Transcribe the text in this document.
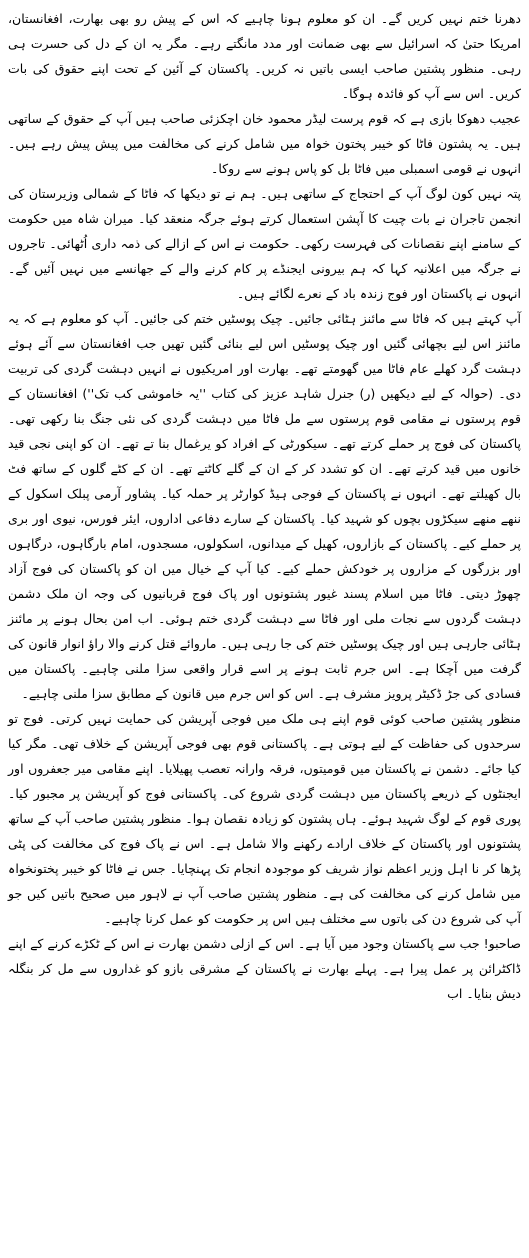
دھرنا ختم نہیں کریں گے۔ ان کو معلوم ہونا چاہیے کہ اس کے پیش رو بھی بھارت، افغانستان، امریکا حتیٰ کہ اسرائیل سے بھی ضمانت اور مدد مانگتے رہے۔ مگر یہ ان کے دل کی حسرت ہی رہی۔ منظور پشتین صاحب ایسی باتیں نہ کریں۔ پاکستان کے آئین کے تحت اپنے حقوق کی بات کریں۔ اس سے آپ کو فائدہ ہوگا۔

عجیب دھوکا بازی ہے کہ قوم پرست لیڈر محمود خان اچکزئی صاحب ہیں آپ کے حقوق کے ساتھی ہیں۔ یہ پشتون فاٹا کو خیبر پختون خواہ میں شامل کرنے کی مخالفت میں پیش پیش رہے ہیں۔ انہوں نے قومی اسمبلی میں فاٹا بل کو پاس ہونے سے روکا۔

پتہ نہیں کون لوگ آپ کے احتجاج کے ساتھی ہیں۔ ہم نے تو دیکھا کہ فاٹا کے شمالی وزیرستان کی انجمن تاجران نے بات چیت کا آپشن استعمال کرتے ہوئے جرگہ منعقد کیا۔ میران شاہ میں حکومت کے سامنے اپنے نقصانات کی فہرست رکھی۔ حکومت نے اس کے ازالے کی ذمہ داری اُٹھائی۔ تاجروں نے جرگہ میں اعلانیہ کہا کہ ہم بیرونی ایجنڈے پر کام کرنے والے کے جھانسے میں نہیں آئیں گے۔ انہوں نے پاکستان اور فوج زندہ باد کے نعرے لگائے ہیں۔

آپ کہتے ہیں کہ فاٹا سے مائنز ہٹائی جائیں۔ چیک پوسٹیں ختم کی جائیں۔ آپ کو معلوم ہے کہ یہ مائنز اس لیے بچھائی گئیں اور چیک پوسٹیں اس لیے بنائی گئیں تھیں جب افغانستان سے آئے ہوئے دہشت گرد کھلے عام فاٹا میں گھومتے تھے۔ بھارت اور امریکیوں نے انہیں دہشت گردی کی تربیت دی۔ (حوالہ کے لیے دیکھیں (ر) جنرل شاہد عزیز کی کتاب ''یہ خاموشی کب تک'') افغانستان کے قوم پرستوں نے مقامی قوم پرستوں سے مل فاٹا میں دہشت گردی کی نئی جنگ بنا رکھی تھی۔ پاکستان کی فوج پر حملے کرتے تھے۔ سیکورٹی کے افراد کو یرغمال بنا تے تھے۔ ان کو اپنی نجی قید خانوں میں قید کرتے تھے۔ ان کو تشدد کر کے ان کے گلے کاٹتے تھے۔ ان کے کٹے گلوں کے ساتھ فٹ بال کھیلتے تھے۔ انہوں نے پاکستان کے فوجی ہیڈ کوارٹر پر حملہ کیا۔ پشاور آرمی پبلک اسکول کے ننھے منھے سیکڑوں بچوں کو شہید کیا۔ پاکستان کے سارے دفاعی اداروں، ایئر فورس، نیوی اور بری پر حملے کیے۔ پاکستان کے بازاروں، کھیل کے میدانوں، اسکولوں، مسجدوں، امام بارگاہوں، درگاہوں اور بزرگوں کے مزاروں پر خودکش حملے کیے۔ کیا آپ کے خیال میں ان کو پاکستان کی فوج آزاد چھوڑ دیتی۔ فاٹا میں اسلام پسند غیور پشتونوں اور پاک فوج قربانیوں کی وجہ ان ملک دشمن دہشت گردوں سے نجات ملی اور فاٹا سے دہشت گردی ختم ہوئی۔ اب امن بحال ہونے پر مائنز ہٹائی جارہی ہیں اور چیک پوسٹیں ختم کی جا رہی ہیں۔ ماروائے قتل کرنے والا راؤ انوار قانون کی گرفت میں آچکا ہے۔ اس جرم ثابت ہونے پر اسے قرار واقعی سزا ملنی چاہیے۔ پاکستان میں فسادی کی جڑ ڈکیٹر پرویز مشرف ہے۔ اس کو اس جرم میں قانون کے مطابق سزا ملنی چاہیے۔

منظور پشتین صاحب کوئی قوم اپنے ہی ملک میں فوجی آپریشن کی حمایت نہیں کرتی۔ فوج تو سرحدوں کی حفاظت کے لیے ہوتی ہے۔ پاکستانی قوم بھی فوجی آپریشن کے خلاف تھی۔ مگر کیا کیا جائے۔ دشمن نے پاکستان میں قومیتوں، فرقہ وارانہ تعصب پھیلایا۔ اپنے مقامی میر جعفروں اور ایجنٹوں کے ذریعے پاکستان میں دہشت گردی شروع کی۔ پاکستانی فوج کو آپریشن پر مجبور کیا۔ پوری قوم کے لوگ شہید ہوئے۔ ہاں پشتون کو زیادہ نقصان ہوا۔ منظور پشتین صاحب آپ کے ساتھ پشتونوں اور پاکستان کے خلاف ارادے رکھنے والا شامل ہے۔ اس نے پاک فوج کی مخالفت کی پٹی پڑھا کر نا اہل وزیر اعظم نواز شریف کو موجودہ انجام تک پہنچایا۔ جس نے فاٹا کو خیبر پختونخواہ میں شامل کرنے کی مخالفت کی ہے۔ منظور پشتین صاحب آپ نے لاہور میں صحیح باتیں کیں جو آپ کی شروع دن کی باتوں سے مختلف ہیں اس پر حکومت کو عمل کرنا چاہیے۔

صاحبو! جب سے پاکستان وجود میں آیا ہے۔ اس کے ازلی دشمن بھارت نے اس کے ٹکڑے کرنے کے اپنے ڈاکٹرائن پر عمل پیرا ہے۔ پہلے بھارت نے پاکستان کے مشرقی بازو کو غداروں سے مل کر بنگلہ دیش بنایا۔ اب
